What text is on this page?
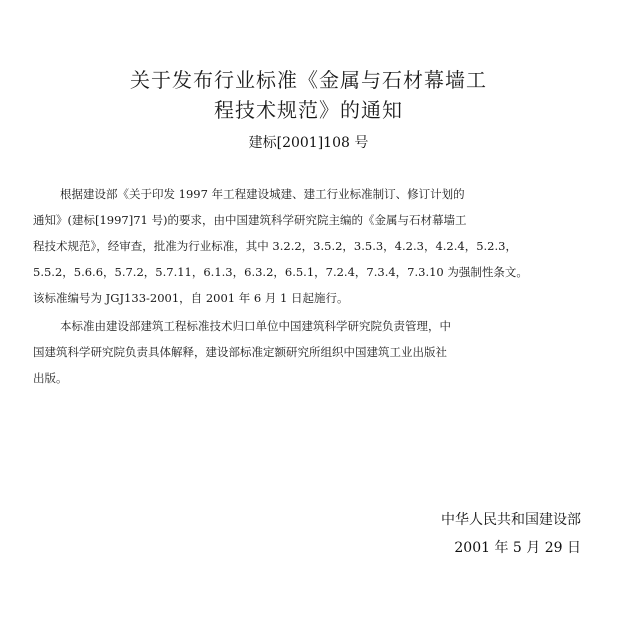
关于发布行业标准《金属与石材幕墙工
程技术规范》的通知
建标[2001]108 号
根据建设部《关于印发 1997 年工程建设城建、建工行业标准制订、修订计划的
通知》(建标[1997]71 号)的要求，由中国建筑科学研究院主编的《金属与石材幕墙工
程技术规范》，经审查，批准为行业标准，其中 3.2.2，3.5.2，3.5.3，4.2.3，4.2.4，5.2.3，
5.5.2，5.6.6，5.7.2，5.7.11，6.1.3，6.3.2，6.5.1，7.2.4，7.3.4，7.3.10 为强制性条文。
该标准编号为 JGJ133-2001，自 2001 年 6 月 1 日起施行。
本标准由建设部建筑工程标准技术归口单位中国建筑科学研究院负责管理，中
国建筑科学研究院负责具体解释，建设部标准定额研究所组织中国建筑工业出版社
出版。
中华人民共和国建设部
2001 年 5 月 29 日
